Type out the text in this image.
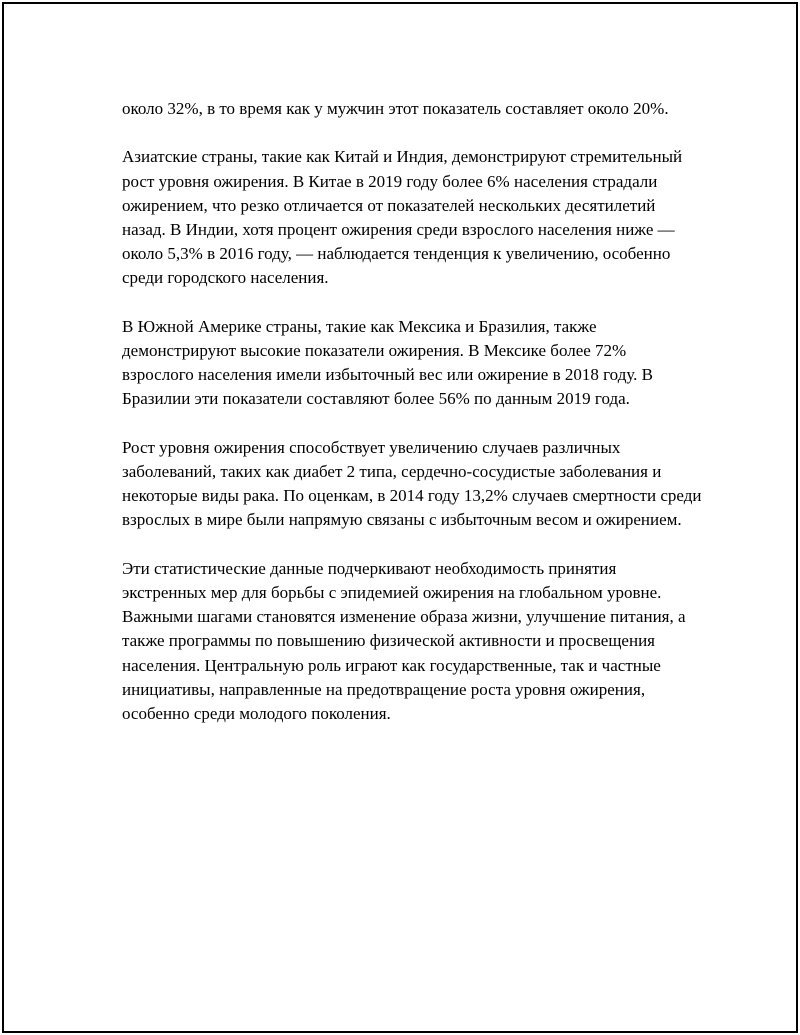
около 32%, в то время как у мужчин этот показатель составляет около 20%.

Азиатские страны, такие как Китай и Индия, демонстрируют стремительный рост уровня ожирения. В Китае в 2019 году более 6% населения страдали ожирением, что резко отличается от показателей нескольких десятилетий назад. В Индии, хотя процент ожирения среди взрослого населения ниже — около 5,3% в 2016 году, — наблюдается тенденция к увеличению, особенно среди городского населения.

В Южной Америке страны, такие как Мексика и Бразилия, также демонстрируют высокие показатели ожирения. В Мексике более 72% взрослого населения имели избыточный вес или ожирение в 2018 году. В Бразилии эти показатели составляют более 56% по данным 2019 года.

Рост уровня ожирения способствует увеличению случаев различных заболеваний, таких как диабет 2 типа, сердечно-сосудистые заболевания и некоторые виды рака. По оценкам, в 2014 году 13,2% случаев смертности среди взрослых в мире были напрямую связаны с избыточным весом и ожирением.

Эти статистические данные подчеркивают необходимость принятия экстренных мер для борьбы с эпидемией ожирения на глобальном уровне. Важными шагами становятся изменение образа жизни, улучшение питания, а также программы по повышению физической активности и просвещения населения. Центральную роль играют как государственные, так и частные инициативы, направленные на предотвращение роста уровня ожирения, особенно среди молодого поколения.
